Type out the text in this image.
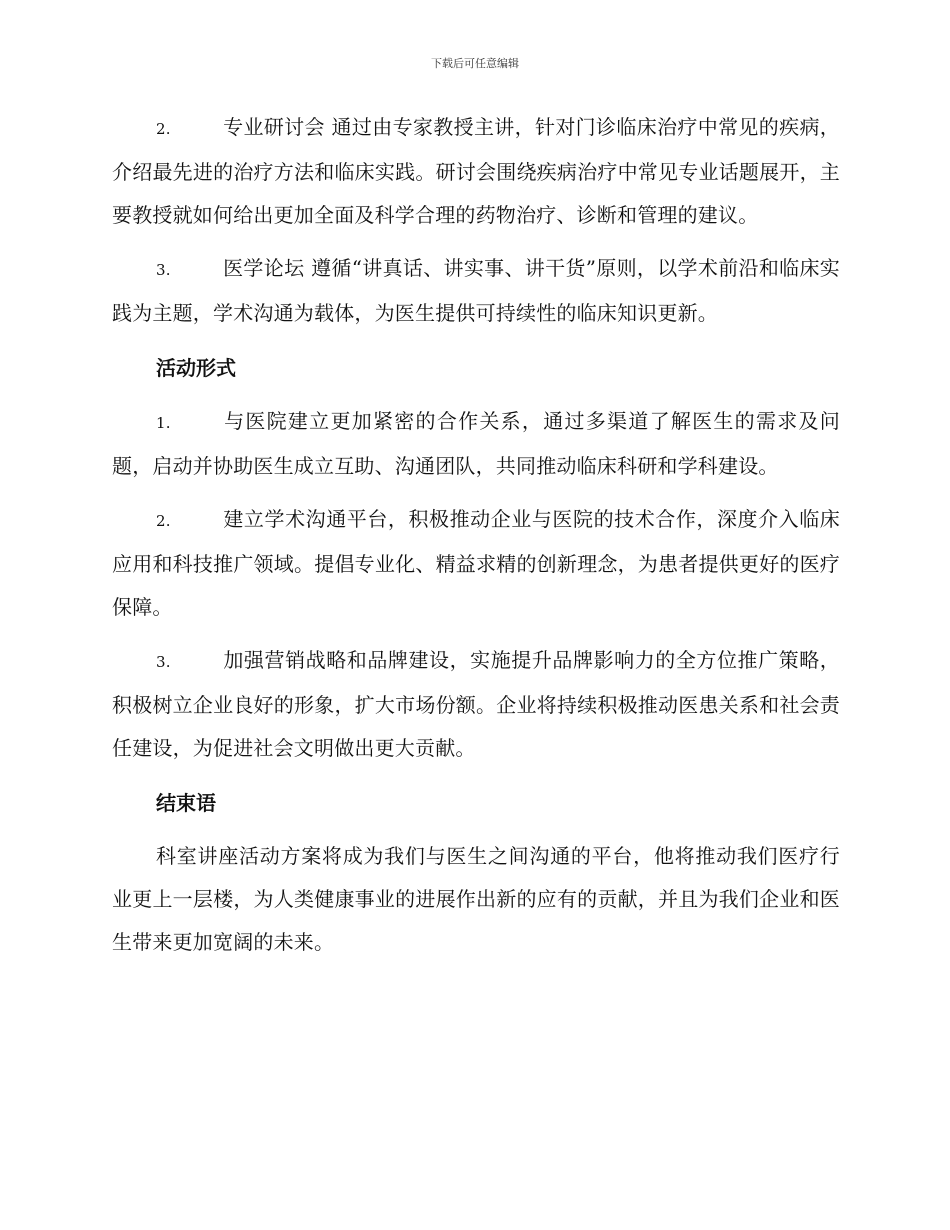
下载后可任意编辑

2.	专业研讨会 通过由专家教授主讲，针对门诊临床治疗中常见的疾病，介绍最先进的治疗方法和临床实践。研讨会围绕疾病治疗中常见专业话题展开，主要教授就如何给出更加全面及科学合理的药物治疗、诊断和管理的建议。

3.	医学论坛 遵循“讲真话、讲实事、讲干货”原则，以学术前沿和临床实践为主题，学术沟通为载体，为医生提供可持续性的临床知识更新。

活动形式

1.	与医院建立更加紧密的合作关系，通过多渠道了解医生的需求及问题，启动并协助医生成立互助、沟通团队，共同推动临床科研和学科建设。

2.	建立学术沟通平台，积极推动企业与医院的技术合作，深度介入临床应用和科技推广领域。提倡专业化、精益求精的创新理念，为患者提供更好的医疗保障。

3.	加强营销战略和品牌建设，实施提升品牌影响力的全方位推广策略，积极树立企业良好的形象，扩大市场份额。企业将持续积极推动医患关系和社会责任建设，为促进社会文明做出更大贡献。

结束语

科室讲座活动方案将成为我们与医生之间沟通的平台，他将推动我们医疗行业更上一层楼，为人类健康事业的进展作出新的应有的贡献，并且为我们企业和医生带来更加宽阔的未来。
